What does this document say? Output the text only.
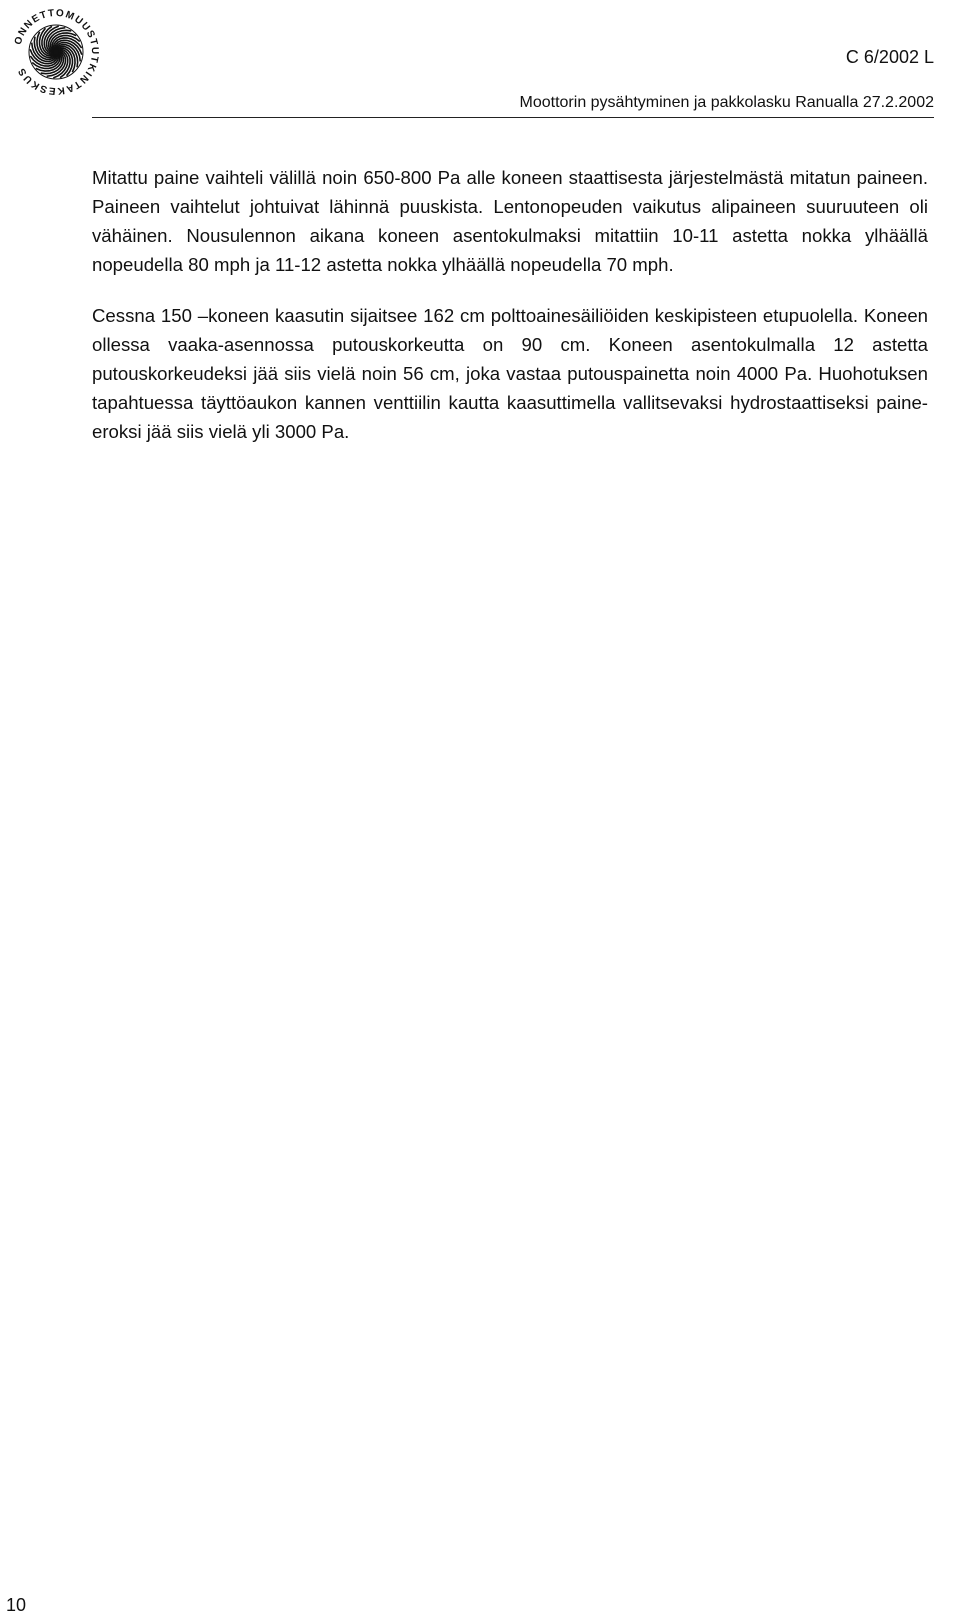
ONNETTOMUUSTUTKINTAKESKUS
C 6/2002 L
Moottorin pysähtyminen ja pakkolasku Ranualla 27.2.2002

Mitattu paine vaihteli välillä noin 650-800 Pa alle koneen staattisesta järjestelmästä mitatun paineen. Paineen vaihtelut johtuivat lähinnä puuskista. Lentonopeuden vaikutus alipaineen suuruuteen oli vähäinen. Nousulennon aikana koneen asentokulmaksi mitattiin 10-11 astetta nokka ylhäällä nopeudella 80 mph ja 11-12 astetta nokka ylhäällä nopeudella 70 mph.

Cessna 150 –koneen kaasutin sijaitsee 162 cm polttoainesäiliöiden keskipisteen etupuolella. Koneen ollessa vaaka-asennossa putouskorkeutta on 90 cm. Koneen asentokulmalla 12 astetta putouskorkeudeksi jää siis vielä noin 56 cm, joka vastaa putouspainetta noin 4000 Pa. Huohotuksen tapahtuessa täyttöaukon kannen venttiilin kautta kaasuttimella vallitsevaksi hydrostaattiseksi paine-eroksi jää siis vielä yli 3000 Pa.

10
